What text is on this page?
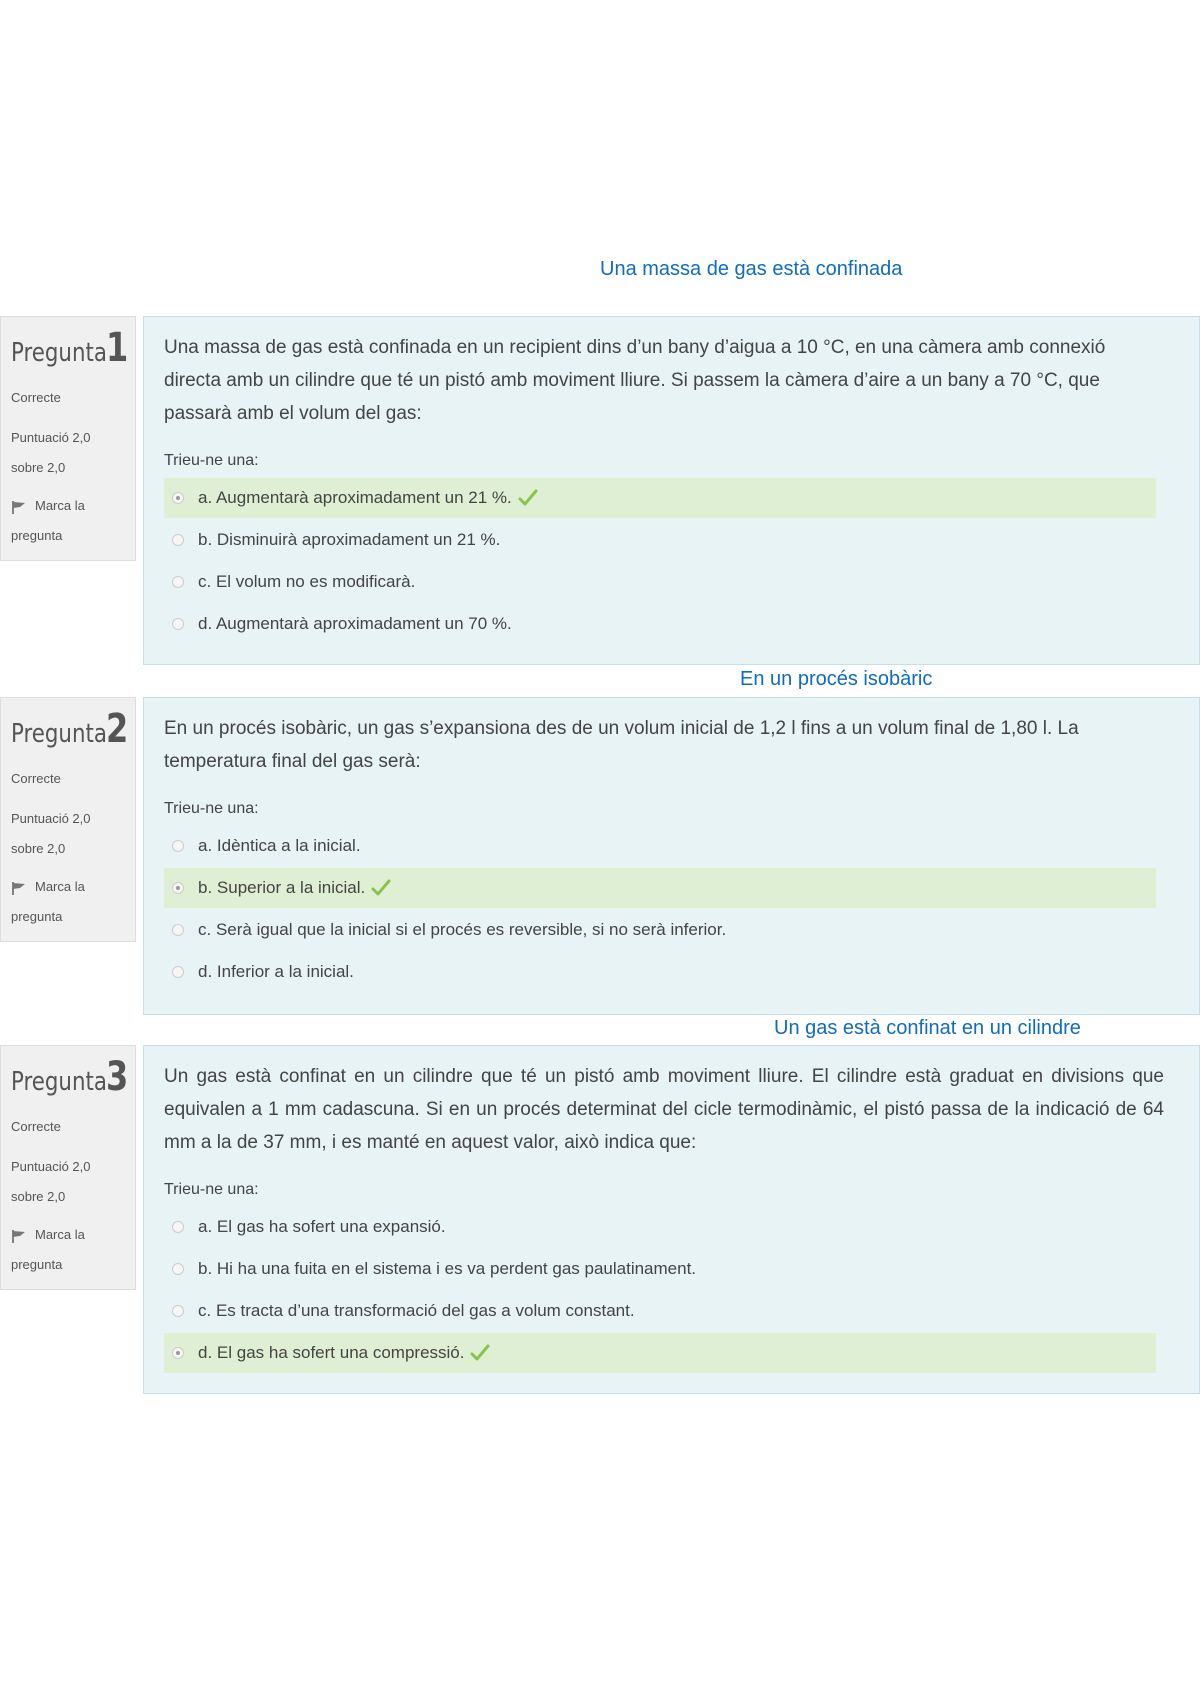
Una massa de gas està confinada
Pregunta 1
Correcte
Puntuació 2,0
sobre 2,0
Marca la
pregunta
Una massa de gas està confinada en un recipient dins d’un bany d’aigua a 10 °C, en una càmera amb connexió directa amb un cilindre que té un pistó amb moviment lliure. Si passem la càmera d’aire a un bany a 70 °C, que passarà amb el volum del gas:
Trieu-ne una:
a. Augmentarà aproximadament un 21 %.
b. Disminuirà aproximadament un 21 %.
c. El volum no es modificarà.
d. Augmentarà aproximadament un 70 %.
En un procés isobàric
Pregunta 2
Correcte
Puntuació 2,0
sobre 2,0
Marca la
pregunta
En un procés isobàric, un gas s’expansiona des de un volum inicial de 1,2 l fins a un volum final de 1,80 l. La temperatura final del gas serà:
Trieu-ne una:
a. Idèntica a la inicial.
b. Superior a la inicial.
c. Serà igual que la inicial si el procés es reversible, si no serà inferior.
d. Inferior a la inicial.
Un gas està confinat en un cilindre
Pregunta 3
Correcte
Puntuació 2,0
sobre 2,0
Marca la
pregunta
Un gas està confinat en un cilindre que té un pistó amb moviment lliure. El cilindre està graduat en divisions que equivalen a 1 mm cadascuna. Si en un procés determinat del cicle termodinàmic, el pistó passa de la indicació de 64 mm a la de 37 mm, i es manté en aquest valor, això indica que:
Trieu-ne una:
a. El gas ha sofert una expansió.
b. Hi ha una fuita en el sistema i es va perdent gas paulatinament.
c. Es tracta d’una transformació del gas a volum constant.
d. El gas ha sofert una compressió.
